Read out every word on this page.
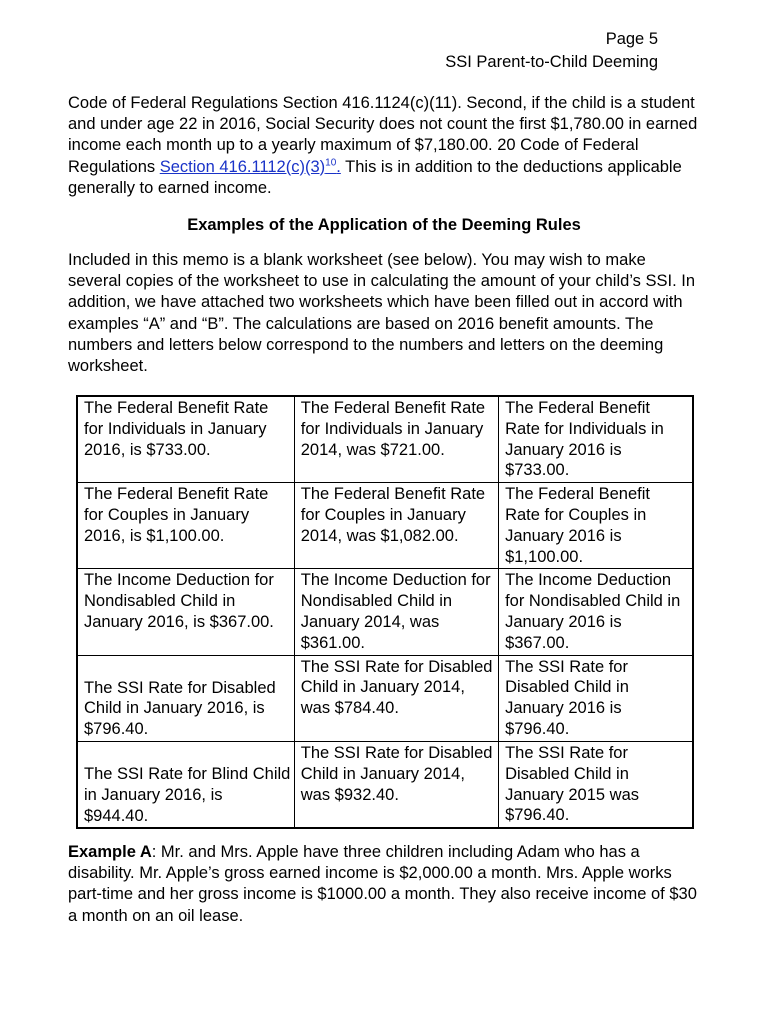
Page 5
SSI Parent-to-Child Deeming
Code of Federal Regulations Section 416.1124(c)(11). Second, if the child is a student and under age 22 in 2016, Social Security does not count the first $1,780.00 in earned income each month up to a yearly maximum of $7,180.00. 20 Code of Federal Regulations Section 416.1112(c)(3)$^{10}$. This is in addition to the deductions applicable generally to earned income.
Examples of the Application of the Deeming Rules
Included in this memo is a blank worksheet (see below). You may wish to make several copies of the worksheet to use in calculating the amount of your child’s SSI. In addition, we have attached two worksheets which have been filled out in accord with examples “A” and “B”. The calculations are based on 2016 benefit amounts. The numbers and letters below correspond to the numbers and letters on the deeming worksheet.
The Federal Benefit Rate for Individuals in January 2016, is $733.00.	The Federal Benefit Rate for Individuals in January 2014, was $721.00.	The Federal Benefit Rate for Individuals in January 2016 is $733.00.
The Federal Benefit Rate for Couples in January 2016, is $1,100.00.	The Federal Benefit Rate for Couples in January 2014, was $1,082.00.	The Federal Benefit Rate for Couples in January 2016 is $1,100.00.
The Income Deduction for Nondisabled Child in January 2016, is $367.00.	The Income Deduction for Nondisabled Child in January 2014, was $361.00.	The Income Deduction for Nondisabled Child in January 2016 is $367.00.
The SSI Rate for Disabled Child in January 2016, is $796.40.	The SSI Rate for Disabled Child in January 2014, was $784.40.	The SSI Rate for Disabled Child in January 2016 is $796.40.
The SSI Rate for Blind Child in January 2016, is $944.40.	The SSI Rate for Disabled Child in January 2014, was $932.40.	The SSI Rate for Disabled Child in January 2015 was $796.40.
Example A: Mr. and Mrs. Apple have three children including Adam who has a disability. Mr. Apple’s gross earned income is $2,000.00 a month. Mrs. Apple works part-time and her gross income is $1000.00 a month. They also receive income of $30 a month on an oil lease.
